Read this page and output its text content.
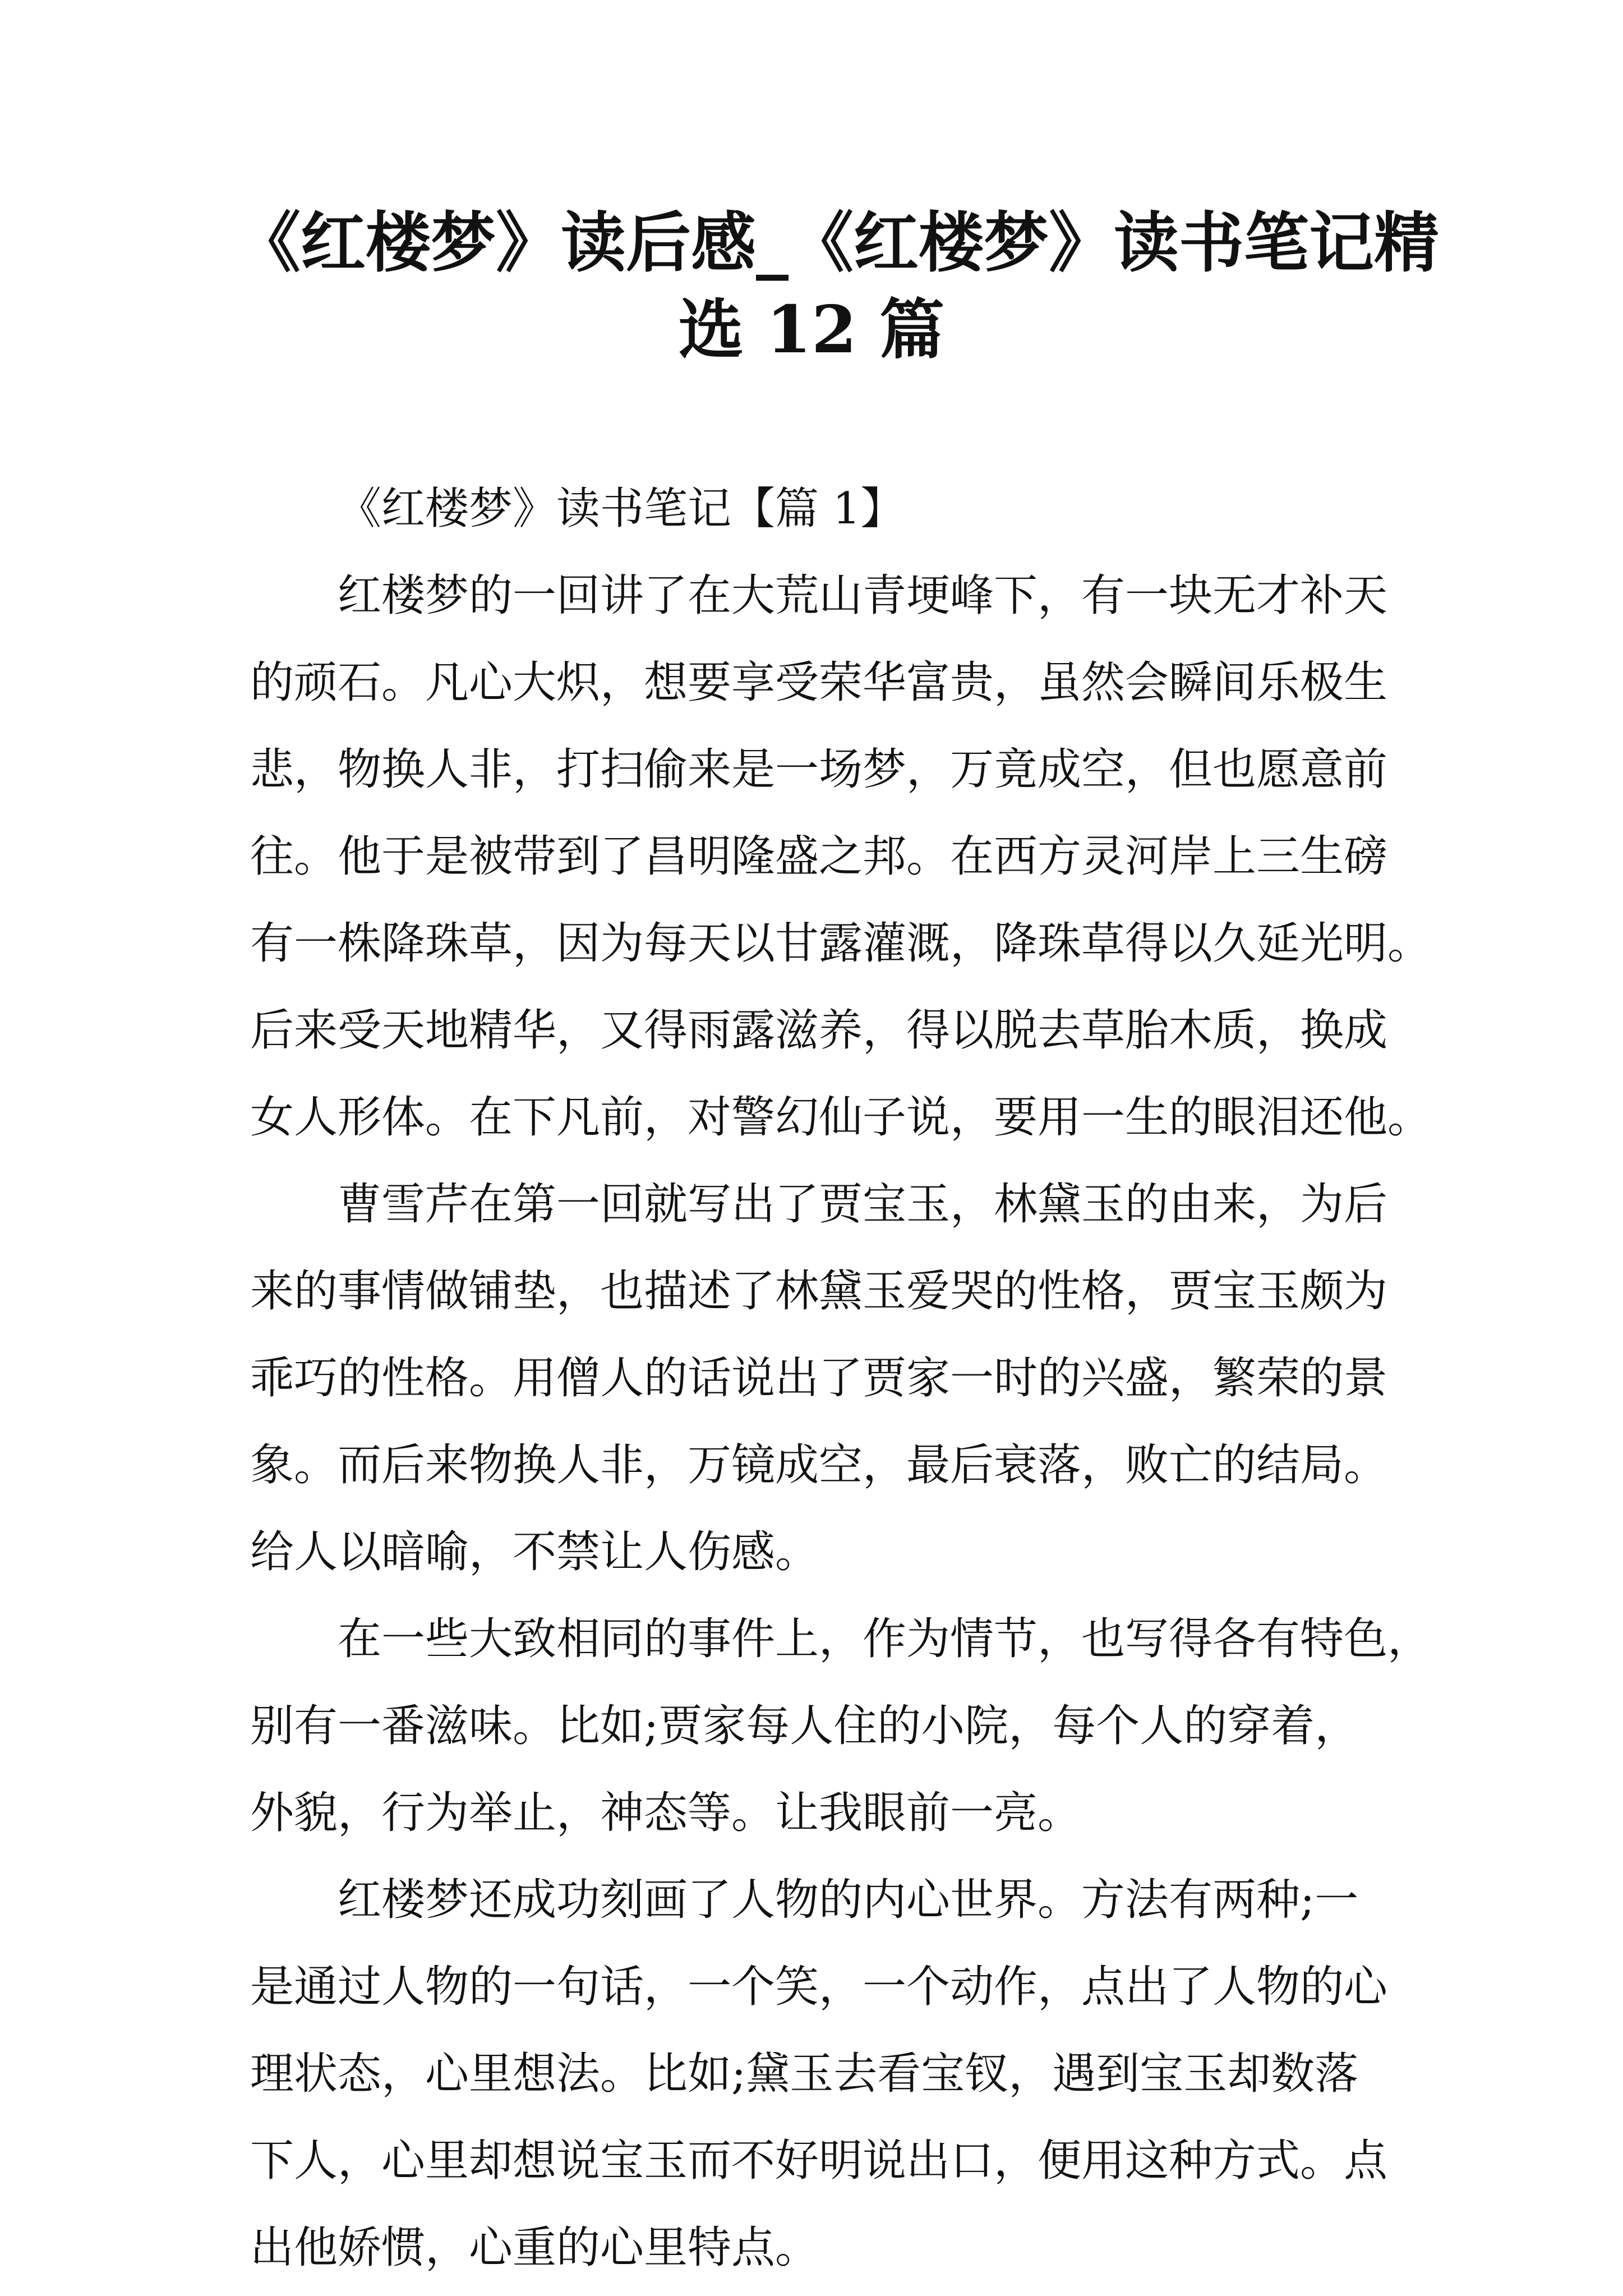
《红楼梦》读后感_《红楼梦》读书笔记精
选 12 篇
《红楼梦》读书笔记【篇 1】
红楼梦的一回讲了在大荒山青埂峰下，有一块无才补天
的顽石。凡心大炽，想要享受荣华富贵，虽然会瞬间乐极生
悲，物换人非，打扫偷来是一场梦，万竟成空，但也愿意前
往。他于是被带到了昌明隆盛之邦。在西方灵河岸上三生磅
有一株降珠草，因为每天以甘露灌溉，降珠草得以久延光明。
后来受天地精华，又得雨露滋养，得以脱去草胎木质，换成
女人形体。在下凡前，对警幻仙子说，要用一生的眼泪还他。
曹雪芹在第一回就写出了贾宝玉，林黛玉的由来，为后
来的事情做铺垫，也描述了林黛玉爱哭的性格，贾宝玉颇为
乖巧的性格。用僧人的话说出了贾家一时的兴盛，繁荣的景
象。而后来物换人非，万镜成空，最后衰落，败亡的结局。
给人以暗喻，不禁让人伤感。
在一些大致相同的事件上，作为情节，也写得各有特色，
别有一番滋味。比如;贾家每人住的小院，每个人的穿着，
外貌，行为举止，神态等。让我眼前一亮。
红楼梦还成功刻画了人物的内心世界。方法有两种;一
是通过人物的一句话，一个笑，一个动作，点出了人物的心
理状态，心里想法。比如;黛玉去看宝钗，遇到宝玉却数落
下人，心里却想说宝玉而不好明说出口，便用这种方式。点
出他娇惯，心重的心里特点。
